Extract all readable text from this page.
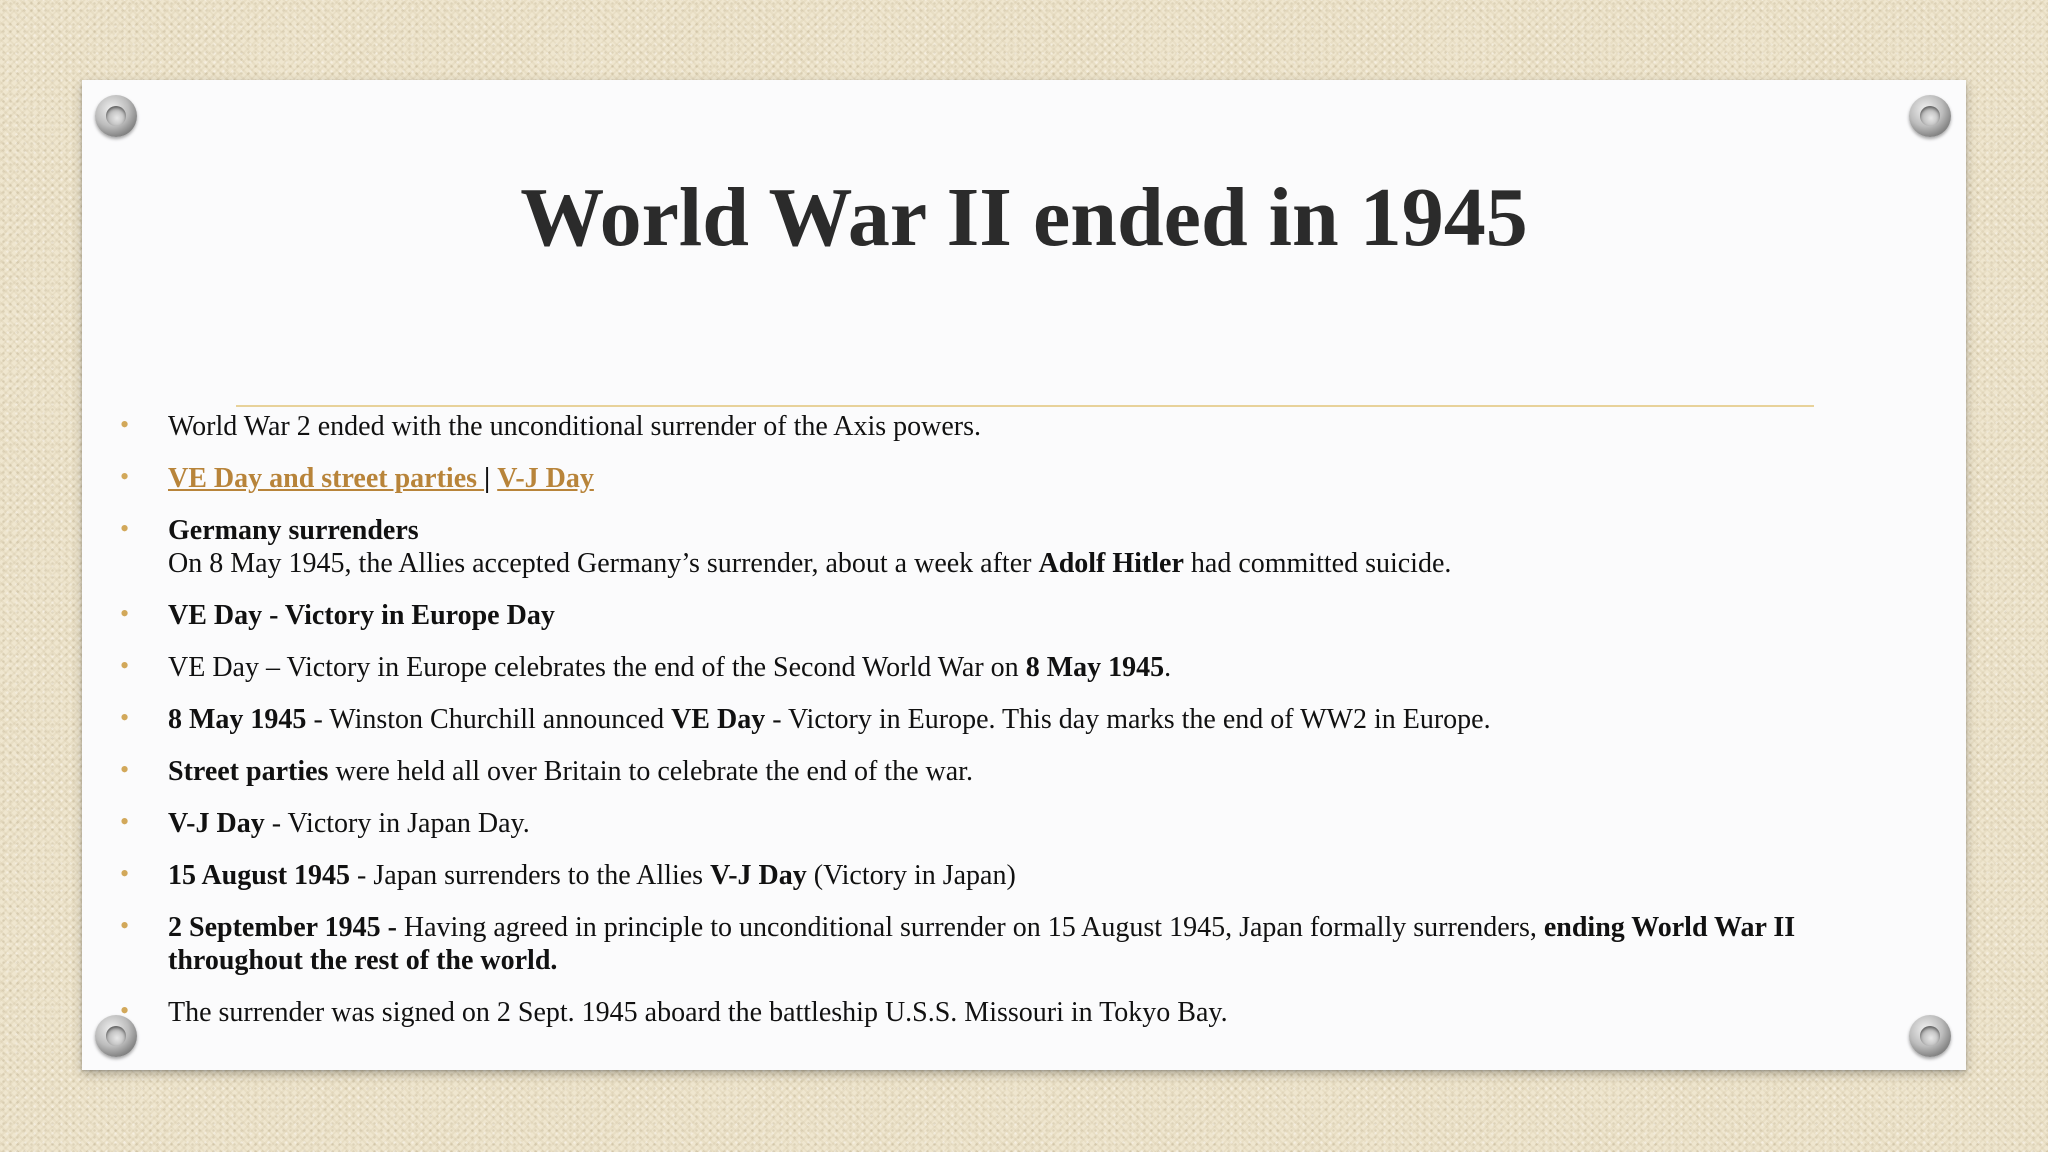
World War II ended in 1945
• World War 2 ended with the unconditional surrender of the Axis powers.
• VE Day and street parties | V-J Day
• Germany surrenders
On 8 May 1945, the Allies accepted Germany’s surrender, about a week after Adolf Hitler had committed suicide.
• VE Day - Victory in Europe Day
• VE Day – Victory in Europe celebrates the end of the Second World War on 8 May 1945.
• 8 May 1945 - Winston Churchill announced VE Day - Victory in Europe. This day marks the end of WW2 in Europe.
• Street parties were held all over Britain to celebrate the end of the war.
• V-J Day - Victory in Japan Day.
• 15 August 1945 - Japan surrenders to the Allies V-J Day (Victory in Japan)
• 2 September 1945 - Having agreed in principle to unconditional surrender on 15 August 1945, Japan formally surrenders, ending World War II throughout the rest of the world.
• The surrender was signed on 2 Sept. 1945 aboard the battleship U.S.S. Missouri in Tokyo Bay.
